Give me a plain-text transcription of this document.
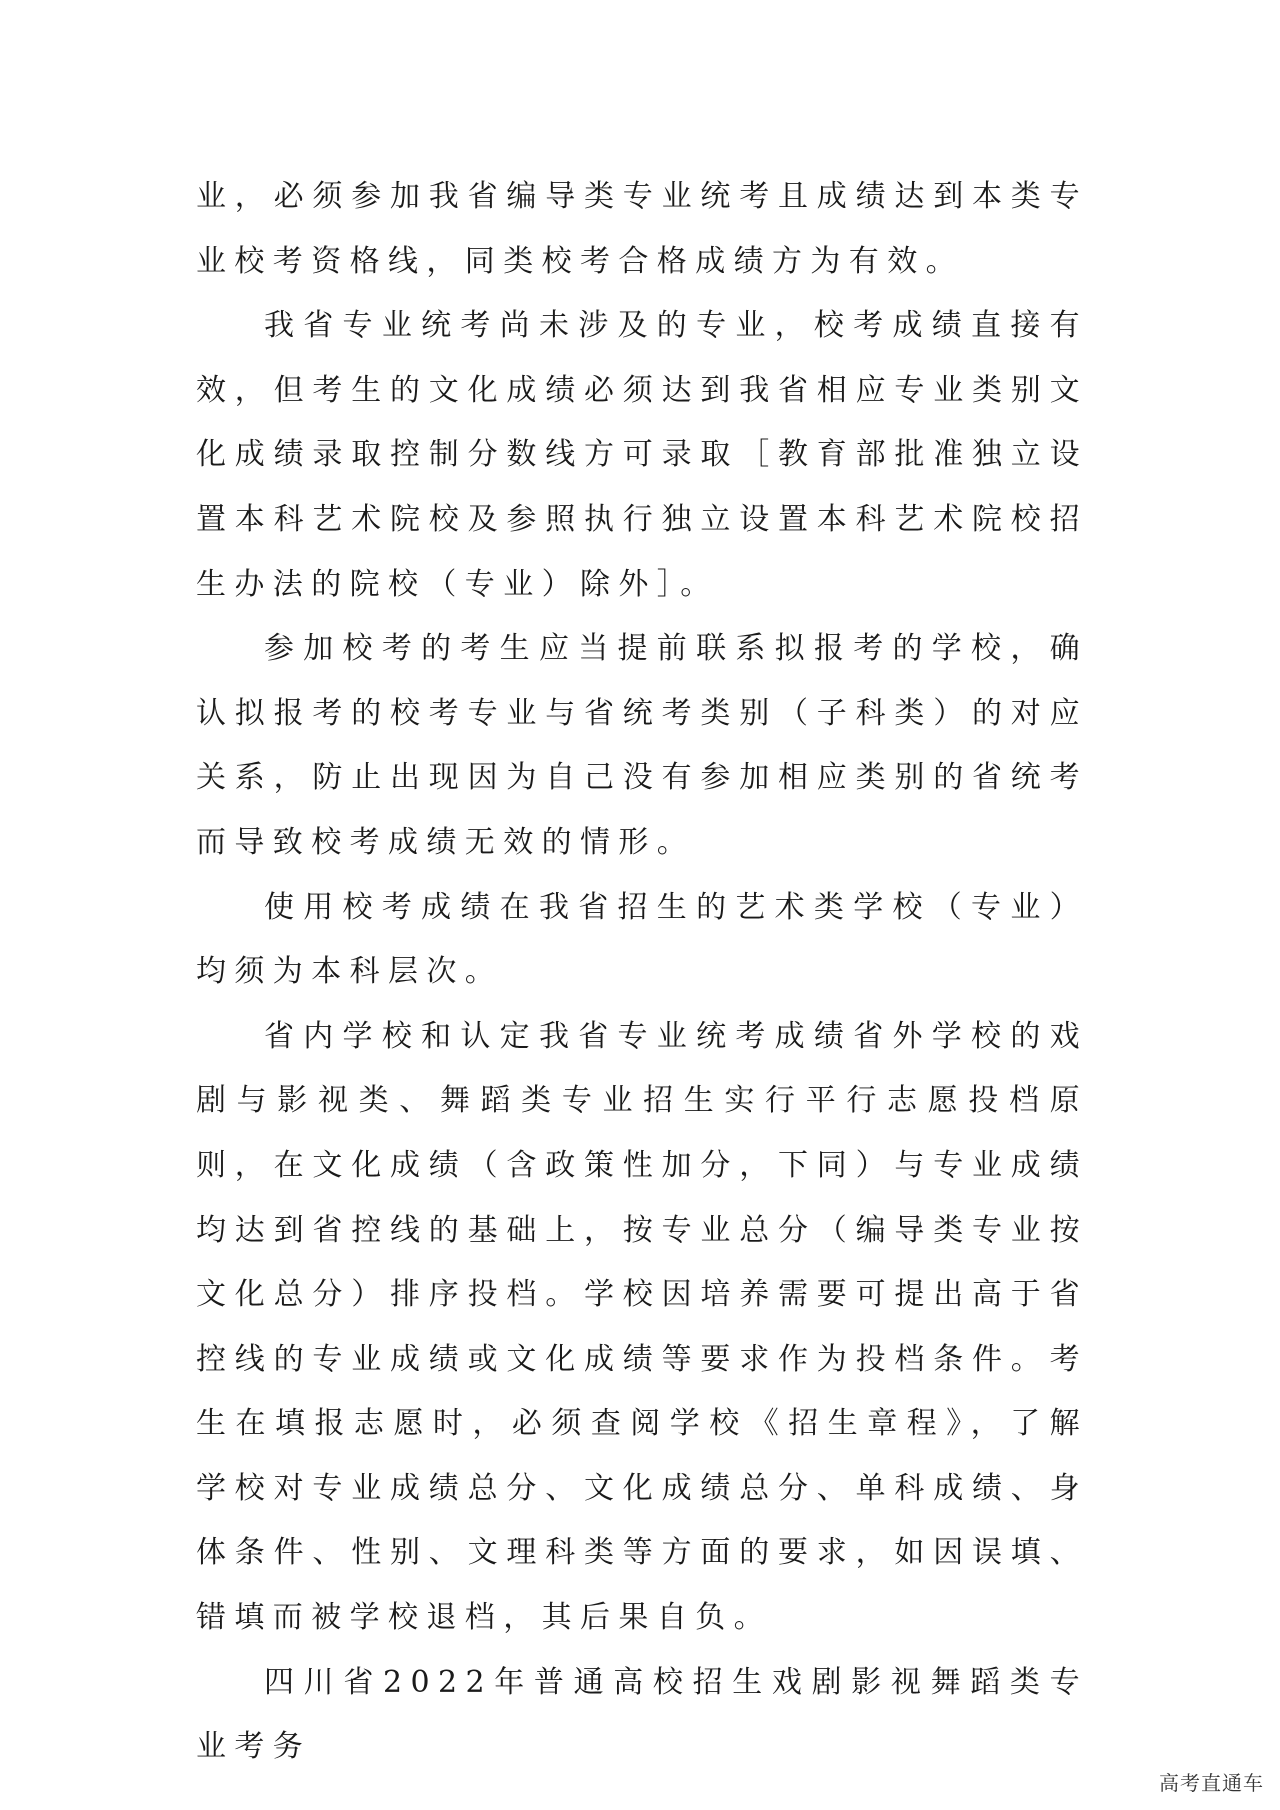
业，必须参加我省编导类专业统考且成绩达到本类专业校考资格线，同类校考合格成绩方为有效。

我省专业统考尚未涉及的专业，校考成绩直接有效，但考生的文化成绩必须达到我省相应专业类别文化成绩录取控制分数线方可录取［教育部批准独立设置本科艺术院校及参照执行独立设置本科艺术院校招生办法的院校（专业）除外］。

参加校考的考生应当提前联系拟报考的学校，确认拟报考的校考专业与省统考类别（子科类）的对应关系，防止出现因为自己没有参加相应类别的省统考而导致校考成绩无效的情形。

使用校考成绩在我省招生的艺术类学校（专业）均须为本科层次。

省内学校和认定我省专业统考成绩省外学校的戏剧与影视类、舞蹈类专业招生实行平行志愿投档原则，在文化成绩（含政策性加分，下同）与专业成绩均达到省控线的基础上，按专业总分（编导类专业按文化总分）排序投档。学校因培养需要可提出高于省控线的专业成绩或文化成绩等要求作为投档条件。考生在填报志愿时，必须查阅学校《招生章程》，了解学校对专业成绩总分、文化成绩总分、单科成绩、身体条件、性别、文理科类等方面的要求，如因误填、错填而被学校退档，其后果自负。

四川省2022年普通高校招生戏剧影视舞蹈类专业考务

高考直通车
